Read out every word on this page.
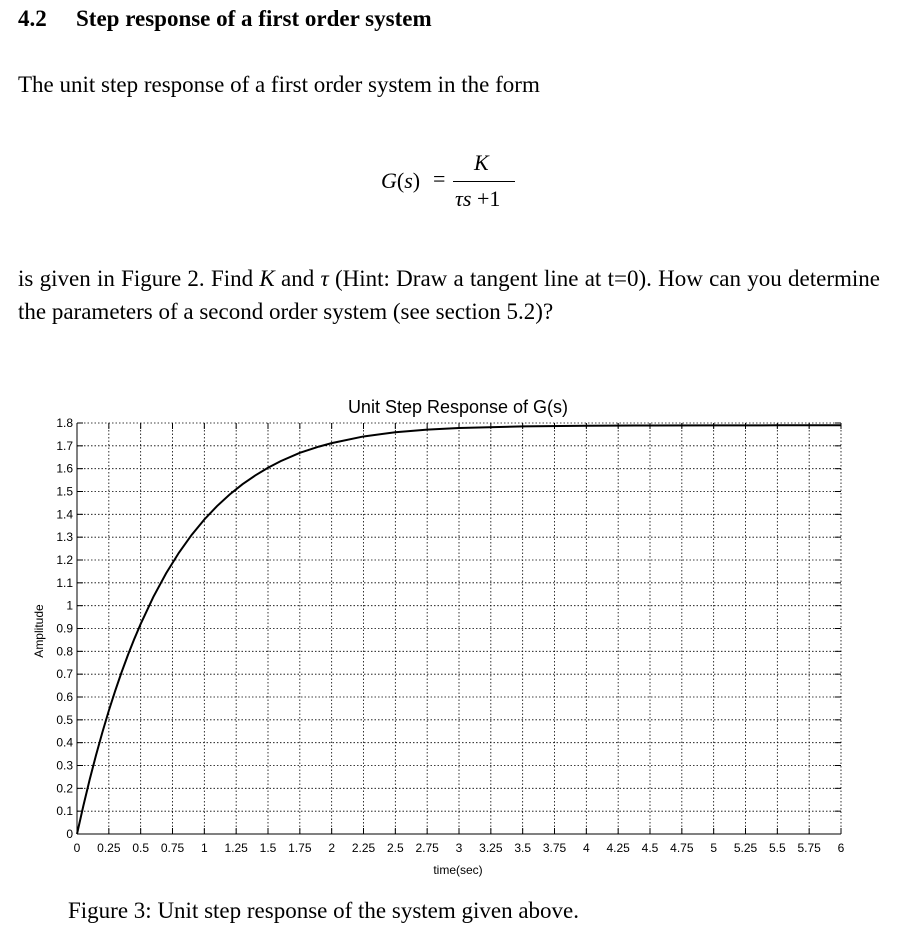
4.2 Step response of a first order system
The unit step response of a first order system in the form
G(s) =
K
τs +1
is given in Figure 2. Find K and τ (Hint: Draw a tangent line at t=0). How can you determine the parameters of a second order system (see section 5.2)?
0 0.25 0.5 0.75 1 1.25 1.5 1.75 2 2.25 2.5 2.75 3 3.25 3.5 3.75 4 4.25 4.5 4.75 5 5.25 5.5 5.75 6
0
0.1
0.2
0.3
0.4
0.5
0.6
0.7
0.8
0.9
1
1.1
1.2
1.3
1.4
1.5
1.6
1.7
1.8
Unit Step Response of G(s)
time(sec)
Amplitude
Figure 3: Unit step response of the system given above.
